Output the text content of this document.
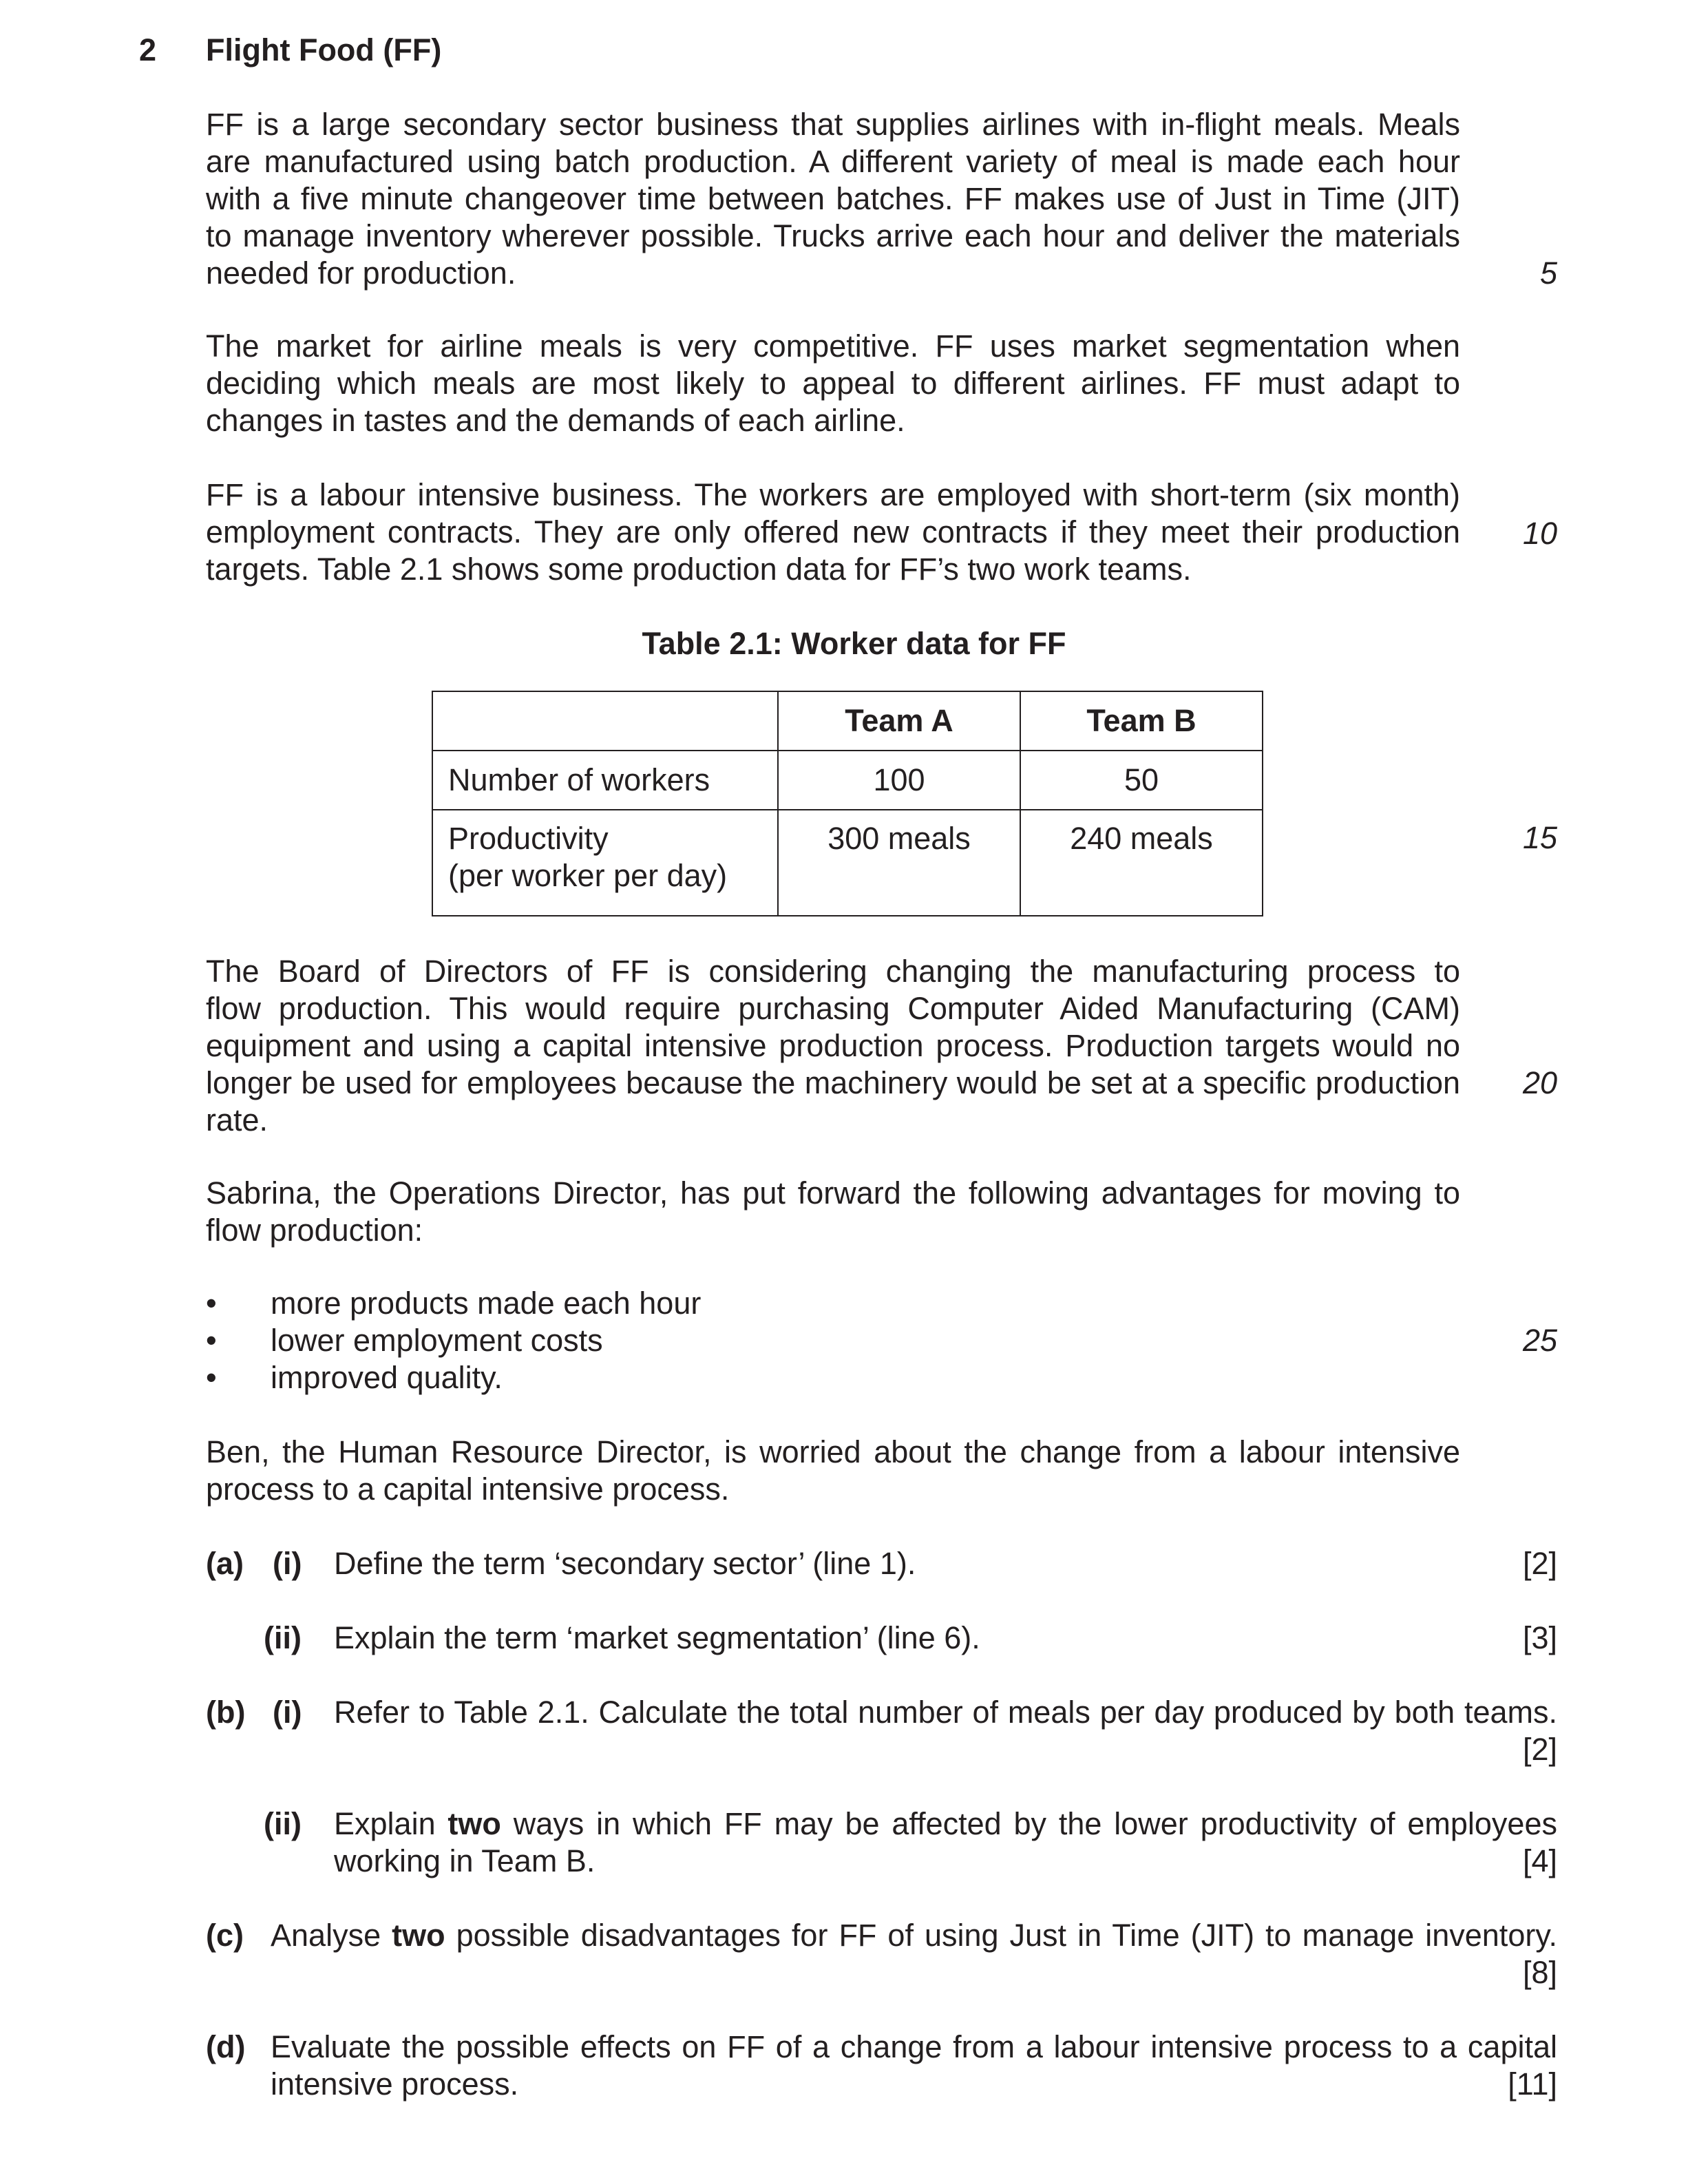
2 Flight Food (FF)
FF is a large secondary sector business that supplies airlines with in-flight meals. Meals
are manufactured using batch production. A different variety of meal is made each hour
with a five minute changeover time between batches. FF makes use of Just in Time (JIT)
to manage inventory wherever possible. Trucks arrive each hour and deliver the materials
needed for production.	5
The market for airline meals is very competitive. FF uses market segmentation when
deciding which meals are most likely to appeal to different airlines. FF must adapt to
changes in tastes and the demands of each airline.
FF is a labour intensive business. The workers are employed with short-term (six month)
employment contracts. They are only offered new contracts if they meet their production
targets. Table 2.1 shows some production data for FF’s two work teams.
10
Table 2.1: Worker data for FF
	Team A	Team B
Number of workers	100	50

Productivity
(per worker per day)	300 meals	240 meals	15
The Board of Directors of FF is considering changing the manufacturing process to
flow production. This would require purchasing Computer Aided Manufacturing (CAM)
equipment and using a capital intensive production process. Production targets would no
longer be used for employees because the machinery would be set at a specific production
rate.
20
Sabrina, the Operations Director, has put forward the following advantages for moving to
flow production:
• more products made each hour
• lower employment costs
• improved quality.
25
Ben, the Human Resource Director, is worried about the change from a labour intensive
process to a capital intensive process.
(a) (i) Define the term ‘secondary sector’ (line 1).	[2]
(ii) Explain the term ‘market segmentation’ (line 6).	[3]
(b) (i) Refer to Table 2.1. Calculate the total number of meals per day produced by both teams.
[2]
(ii) Explain two ways in which FF may be affected by the lower productivity of employees
working in Team B.	[4]
(c) Analyse two possible disadvantages for FF of using Just in Time (JIT) to manage inventory.
[8]
(d) Evaluate the possible effects on FF of a change from a labour intensive process to a capital
intensive process.	[11]
